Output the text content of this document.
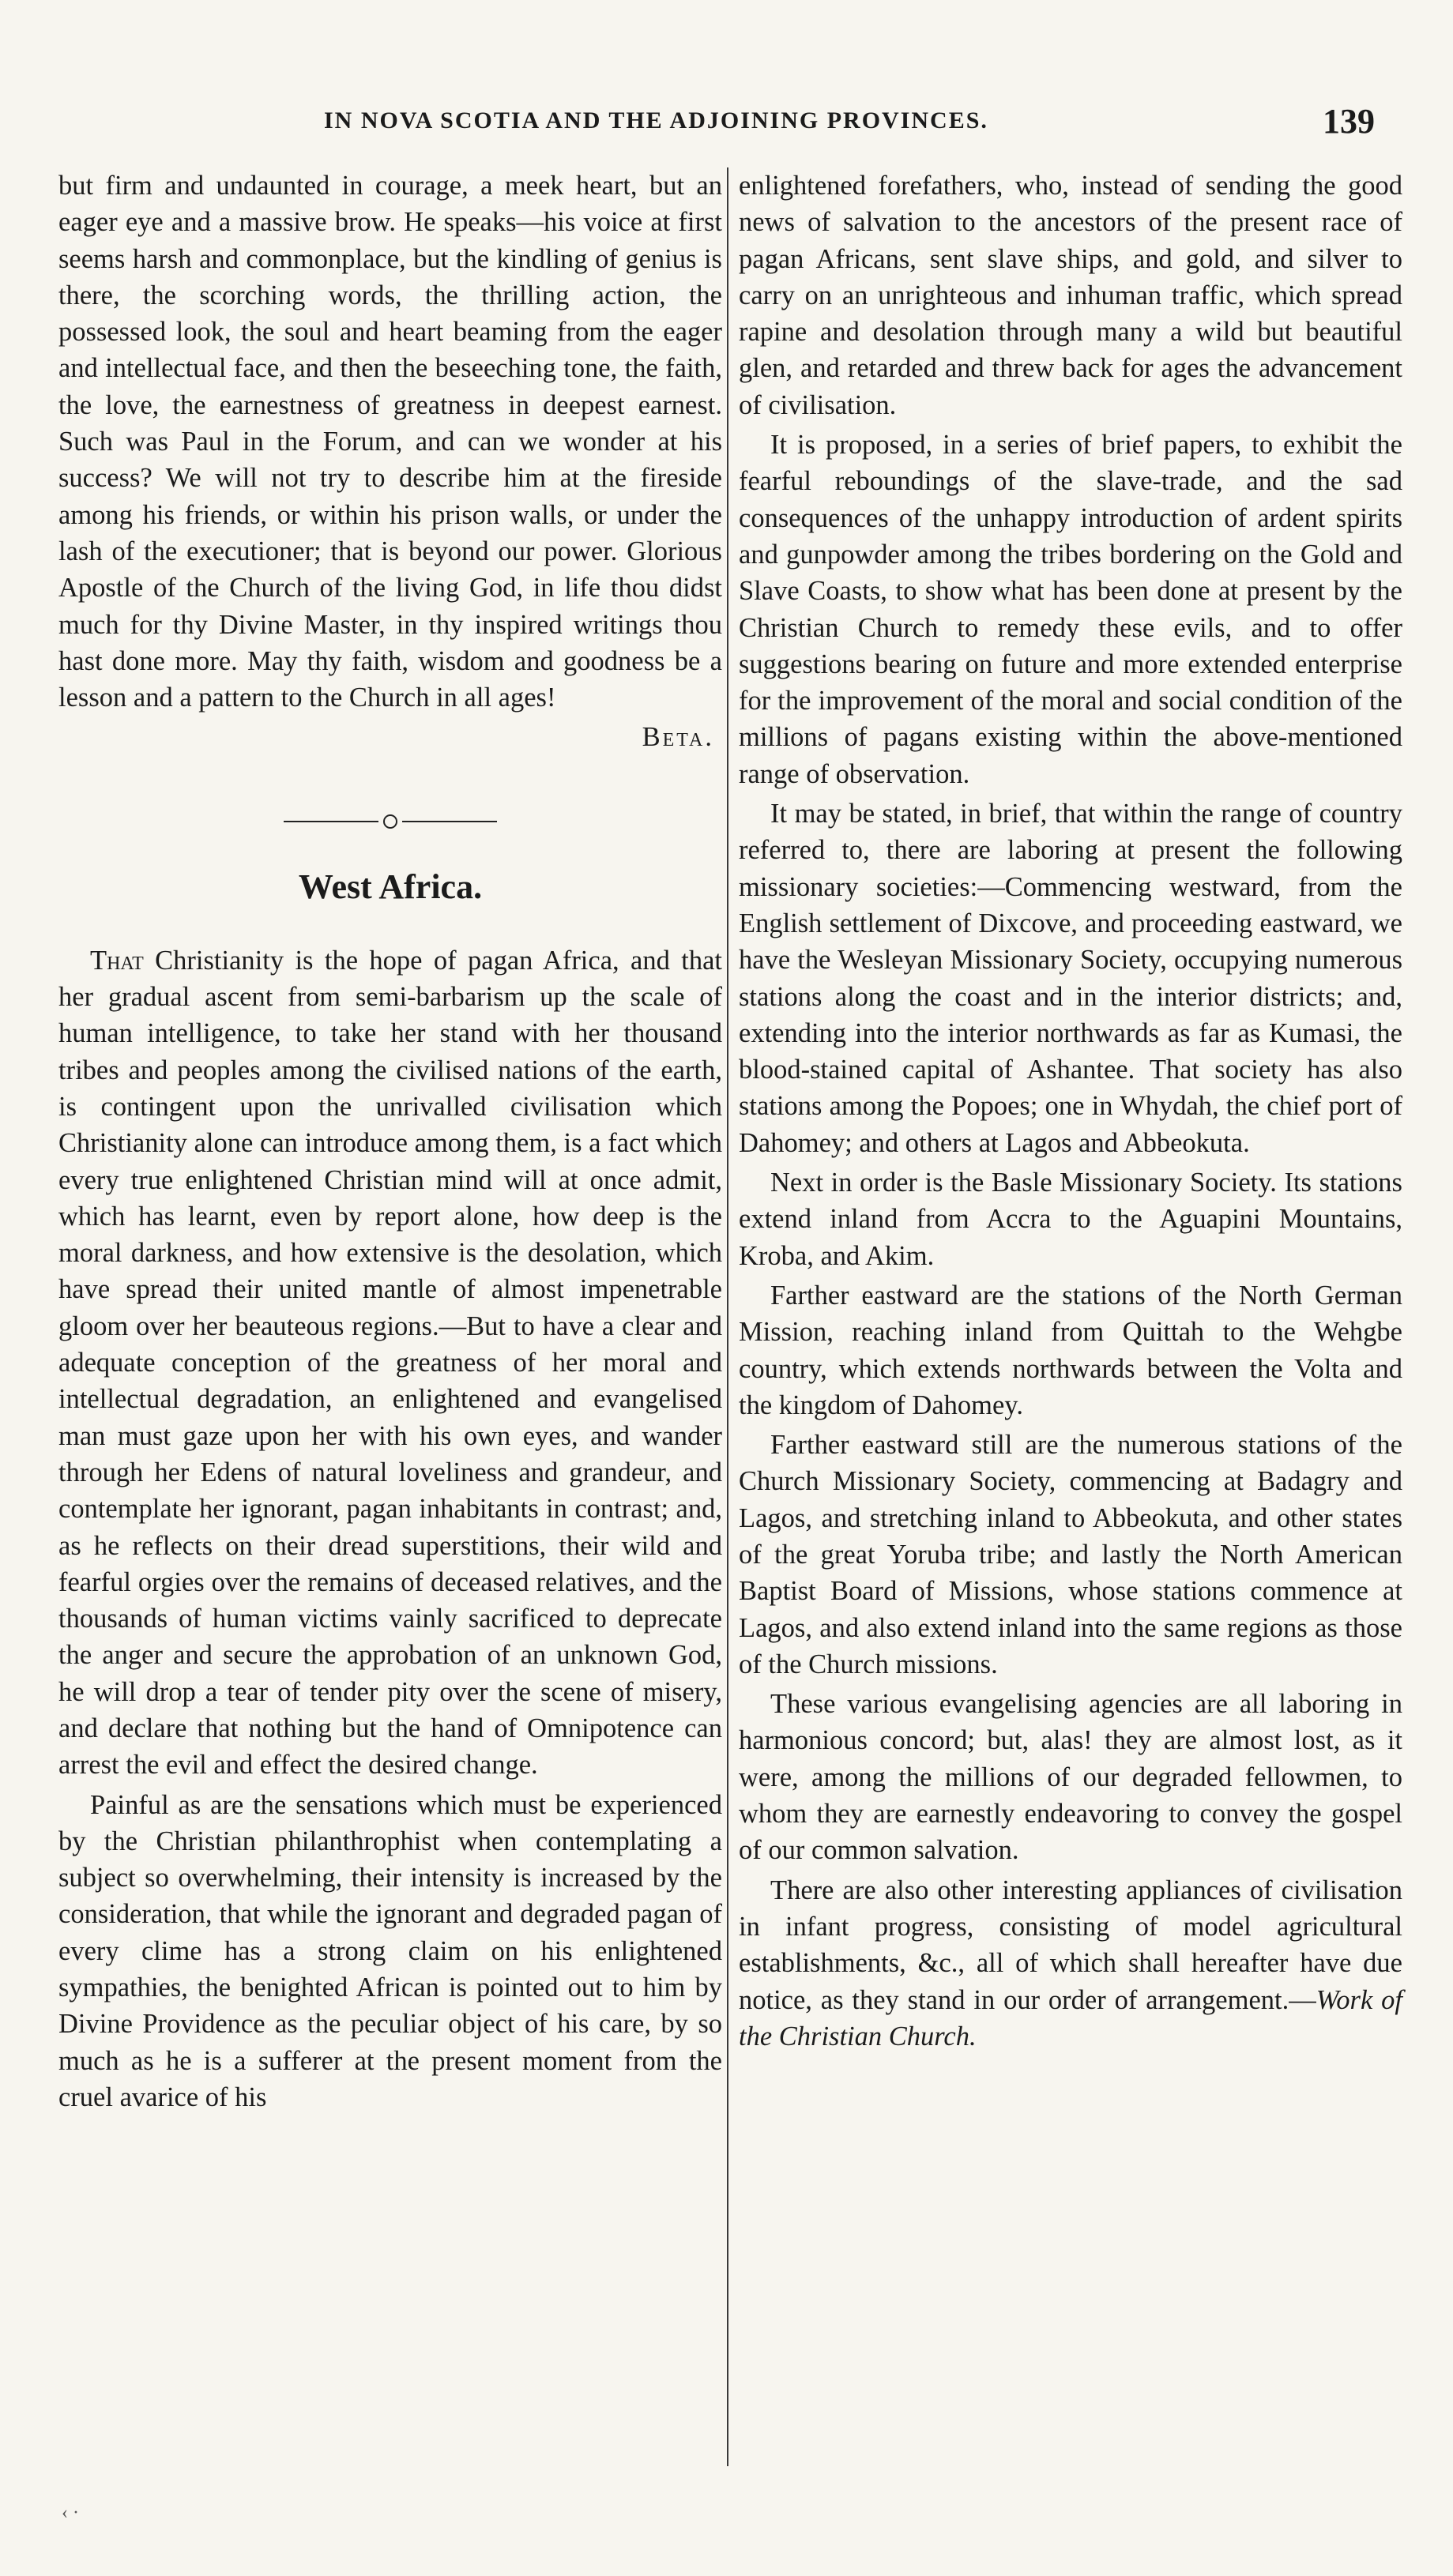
IN NOVA SCOTIA AND THE ADJOINING PROVINCES.	139

but firm and undaunted in courage, a meek heart, but an eager eye and a massive brow. He speaks—his voice at first seems harsh and commonplace, but the kindling of genius is there, the scorching words, the thrilling action, the possessed look, the soul and heart beaming from the eager and intellectual face, and then the beseeching tone, the faith, the love, the earnestness of greatness in deepest earnest. Such was Paul in the Forum, and can we wonder at his success? We will not try to describe him at the fireside among his friends, or within his prison walls, or under the lash of the executioner; that is beyond our power. Glorious Apostle of the Church of the living God, in life thou didst much for thy Divine Master, in thy inspired writings thou hast done more. May thy faith, wisdom and goodness be a lesson and a pattern to the Church in all ages!

Beta.

West Africa.

That Christianity is the hope of pagan Africa, and that her gradual ascent from semi-barbarism up the scale of human intelligence, to take her stand with her thousand tribes and peoples among the civilised nations of the earth, is contingent upon the unrivalled civilisation which Christianity alone can introduce among them, is a fact which every true enlightened Christian mind will at once admit, which has learnt, even by report alone, how deep is the moral darkness, and how extensive is the desolation, which have spread their united mantle of almost impenetrable gloom over her beauteous regions.—But to have a clear and adequate conception of the greatness of her moral and intellectual degradation, an enlightened and evangelised man must gaze upon her with his own eyes, and wander through her Edens of natural loveliness and grandeur, and contemplate her ignorant, pagan inhabitants in contrast; and, as he reflects on their dread superstitions, their wild and fearful orgies over the remains of deceased relatives, and the thousands of human victims vainly sacrificed to deprecate the anger and secure the approbation of an unknown God, he will drop a tear of tender pity over the scene of misery, and declare that nothing but the hand of Omnipotence can arrest the evil and effect the desired change.

Painful as are the sensations which must be experienced by the Christian philanthrophist when contemplating a subject so overwhelming, their intensity is increased by the consideration, that while the ignorant and degraded pagan of every clime has a strong claim on his enlightened sympathies, the benighted African is pointed out to him by Divine Providence as the peculiar object of his care, by so much as he is a sufferer at the present moment from the cruel avarice of his

enlightened forefathers, who, instead of sending the good news of salvation to the ancestors of the present race of pagan Africans, sent slave ships, and gold, and silver to carry on an unrighteous and inhuman traffic, which spread rapine and desolation through many a wild but beautiful glen, and retarded and threw back for ages the advancement of civilisation.

It is proposed, in a series of brief papers, to exhibit the fearful reboundings of the slave-trade, and the sad consequences of the unhappy introduction of ardent spirits and gunpowder among the tribes bordering on the Gold and Slave Coasts, to show what has been done at present by the Christian Church to remedy these evils, and to offer suggestions bearing on future and more extended enterprise for the improvement of the moral and social condition of the millions of pagans existing within the above-mentioned range of observation.

It may be stated, in brief, that within the range of country referred to, there are laboring at present the following missionary societies:—Commencing westward, from the English settlement of Dixcove, and proceeding eastward, we have the Wesleyan Missionary Society, occupying numerous stations along the coast and in the interior districts; and, extending into the interior northwards as far as Kumasi, the blood-stained capital of Ashantee. That society has also stations among the Popoes; one in Whydah, the chief port of Dahomey; and others at Lagos and Abbeokuta.

Next in order is the Basle Missionary Society. Its stations extend inland from Accra to the Aguapini Mountains, Kroba, and Akim.

Farther eastward are the stations of the North German Mission, reaching inland from Quittah to the Wehgbe country, which extends northwards between the Volta and the kingdom of Dahomey.

Farther eastward still are the numerous stations of the Church Missionary Society, commencing at Badagry and Lagos, and stretching inland to Abbeokuta, and other states of the great Yoruba tribe; and lastly the North American Baptist Board of Missions, whose stations commence at Lagos, and also extend inland into the same regions as those of the Church missions.

These various evangelising agencies are all laboring in harmonious concord; but, alas! they are almost lost, as it were, among the millions of our degraded fellowmen, to whom they are earnestly endeavoring to convey the gospel of our common salvation.

There are also other interesting appliances of civilisation in infant progress, consisting of model agricultural establishments, &c., all of which shall hereafter have due notice, as they stand in our order of arrangement.—Work of the Christian Church.

‹ ·
